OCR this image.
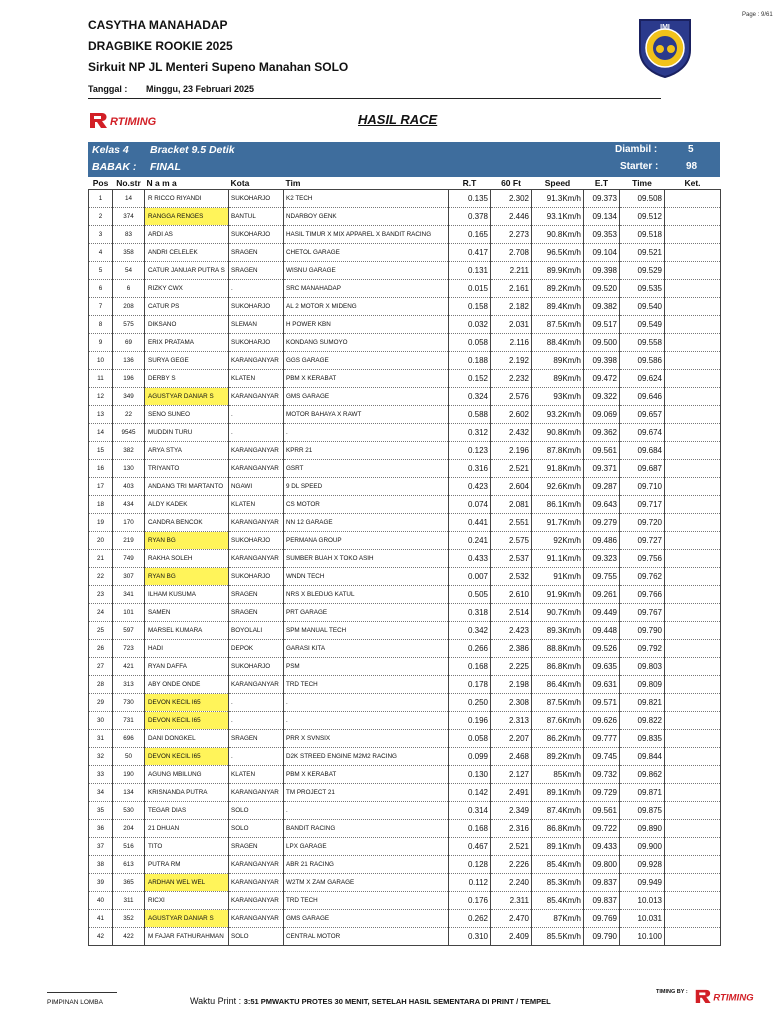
Page : 9/61
CASYTHA MANAHADAP
DRAGBIKE ROOKIE 2025
Sirkuit NP JL Menteri Supeno Manahan SOLO
Tanggal : Minggu, 23 Februari 2025
IMI
RTIMING	HASIL RACE
Kelas 4 Bracket 9.5 Detik
BABAK : FINAL
Diambil :	5
Starter :	98
Pos	No.str	N a m a	Kota	Tim	R.T	60 Ft	Speed	E.T	Time	Ket.
1	14	R RICCO RIYANDI	SUKOHARJO	K2 TECH	0.135	2.302	91.3Km/h	09.373	09.508	
2	374	RANGGA RENGES	BANTUL	NDARBOY GENK	0.378	2.446	93.1Km/h	09.134	09.512	
3	83	ARDI AS	SUKOHARJO	HASIL TIMUR X MIX APPAREL X BANDIT RACING	0.165	2.273	90.8Km/h	09.353	09.518	
4	358	ANDRI CELELEK	SRAGEN	CHETOL GARAGE	0.417	2.708	96.5Km/h	09.104	09.521	
5	54	CATUR JANUAR PUTRA S	SRAGEN	WISNU GARAGE	0.131	2.211	89.9Km/h	09.398	09.529	
6	6	RIZKY CWX	.	SRC MANAHADAP	0.015	2.161	89.2Km/h	09.520	09.535	
7	208	CATUR PS	SUKOHARJO	AL 2 MOTOR X MIDENG	0.158	2.182	89.4Km/h	09.382	09.540	
8	575	DIKSANO	SLEMAN	H POWER KBN	0.032	2.031	87.5Km/h	09.517	09.549	
9	69	ERIX PRATAMA	SUKOHARJO	KONDANG SUMOYO	0.058	2.116	88.4Km/h	09.500	09.558	
10	136	SURYA GEGE	KARANGANYAR	GGS GARAGE	0.188	2.192	89Km/h	09.398	09.586	
11	196	DERBY S	KLATEN	PBM X KERABAT	0.152	2.232	89Km/h	09.472	09.624	
12	349	AGUSTYAR DANIAR S	KARANGANYAR	GMS GARAGE	0.324	2.576	93Km/h	09.322	09.646	
13	22	SENO SUNEO	.	MOTOR BAHAYA X RAWT	0.588	2.602	93.2Km/h	09.069	09.657	
14	9545	MUDDIN TURU	.	.	0.312	2.432	90.8Km/h	09.362	09.674	
15	382	ARYA STYA	KARANGANYAR	KPRR 21	0.123	2.196	87.8Km/h	09.561	09.684	
16	130	TRIYANTO	KARANGANYAR	GSRT	0.316	2.521	91.8Km/h	09.371	09.687	
17	403	ANDANG TRI MARTANTO	NGAWI	9 DL SPEED	0.423	2.604	92.6Km/h	09.287	09.710	
18	434	ALDY KADEK	KLATEN	CS MOTOR	0.074	2.081	86.1Km/h	09.643	09.717	
19	170	CANDRA BENCOK	KARANGANYAR	NN 12 GARAGE	0.441	2.551	91.7Km/h	09.279	09.720	
20	219	RYAN BG	SUKOHARJO	PERMANA GROUP	0.241	2.575	92Km/h	09.486	09.727	
21	749	RAKHA SOLEH	KARANGANYAR	SUMBER BUAH X TOKO ASIH	0.433	2.537	91.1Km/h	09.323	09.756	
22	307	RYAN BG	SUKOHARJO	WNDN TECH	0.007	2.532	91Km/h	09.755	09.762	
23	341	ILHAM KUSUMA	SRAGEN	NRS X BLEDUG KATUL	0.505	2.610	91.9Km/h	09.261	09.766	
24	101	SAMEN	SRAGEN	PRT GARAGE	0.318	2.514	90.7Km/h	09.449	09.767	
25	597	MARSEL KUMARA	BOYOLALI	SPM MANUAL TECH	0.342	2.423	89.3Km/h	09.448	09.790	
26	723	HADI	DEPOK	GARASI KITA	0.266	2.386	88.8Km/h	09.526	09.792	
27	421	RYAN DAFFA	SUKOHARJO	PSM	0.168	2.225	86.8Km/h	09.635	09.803	
28	313	ABY ONDE ONDE	KARANGANYAR	TRD TECH	0.178	2.198	86.4Km/h	09.631	09.809	
29	730	DEVON KECIL I65	.	.	0.250	2.308	87.5Km/h	09.571	09.821	
30	731	DEVON KECIL I65	.	.	0.196	2.313	87.6Km/h	09.626	09.822	
31	696	DANI DONGKEL	SRAGEN	PRR X SVNSIX	0.058	2.207	86.2Km/h	09.777	09.835	
32	50	DEVON KECIL I65	.	D2K STREED ENGINE M2M2 RACING	0.099	2.468	89.2Km/h	09.745	09.844	
33	190	AGUNG MBILUNG	KLATEN	PBM X KERABAT	0.130	2.127	85Km/h	09.732	09.862	
34	134	KRISNANDA PUTRA	KARANGANYAR	TM PROJECT 21	0.142	2.491	89.1Km/h	09.729	09.871	
35	530	TEGAR DIAS	SOLO	.	0.314	2.349	87.4Km/h	09.561	09.875	
36	204	21 DHUAN	SOLO	BANDIT RACING	0.168	2.316	86.8Km/h	09.722	09.890	
37	516	TITO	SRAGEN	LPX GARAGE	0.467	2.521	89.1Km/h	09.433	09.900	
38	613	PUTRA RM	KARANGANYAR	ABR 21 RACING	0.128	2.226	85.4Km/h	09.800	09.928	
39	365	ARDHAN WEL WEL	KARANGANYAR	W2TM X ZAM GARAGE	0.112	2.240	85.3Km/h	09.837	09.949	
40	311	RICXI	KARANGANYAR	TRD TECH	0.176	2.311	85.4Km/h	09.837	10.013	
41	352	AGUSTYAR DANIAR S	KARANGANYAR	GMS GARAGE	0.262	2.470	87Km/h	09.769	10.031	
42	422	M FAJAR FATHURAHMAN	SOLO	CENTRAL MOTOR	0.310	2.409	85.5Km/h	09.790	10.100	
PIMPINAN LOMBA	Waktu Print : 3:51 PMWAKTU PROTES 30 MENIT, SETELAH HASIL SEMENTARA DI PRINT / TEMPEL
TIMING BY :
RTIMING
